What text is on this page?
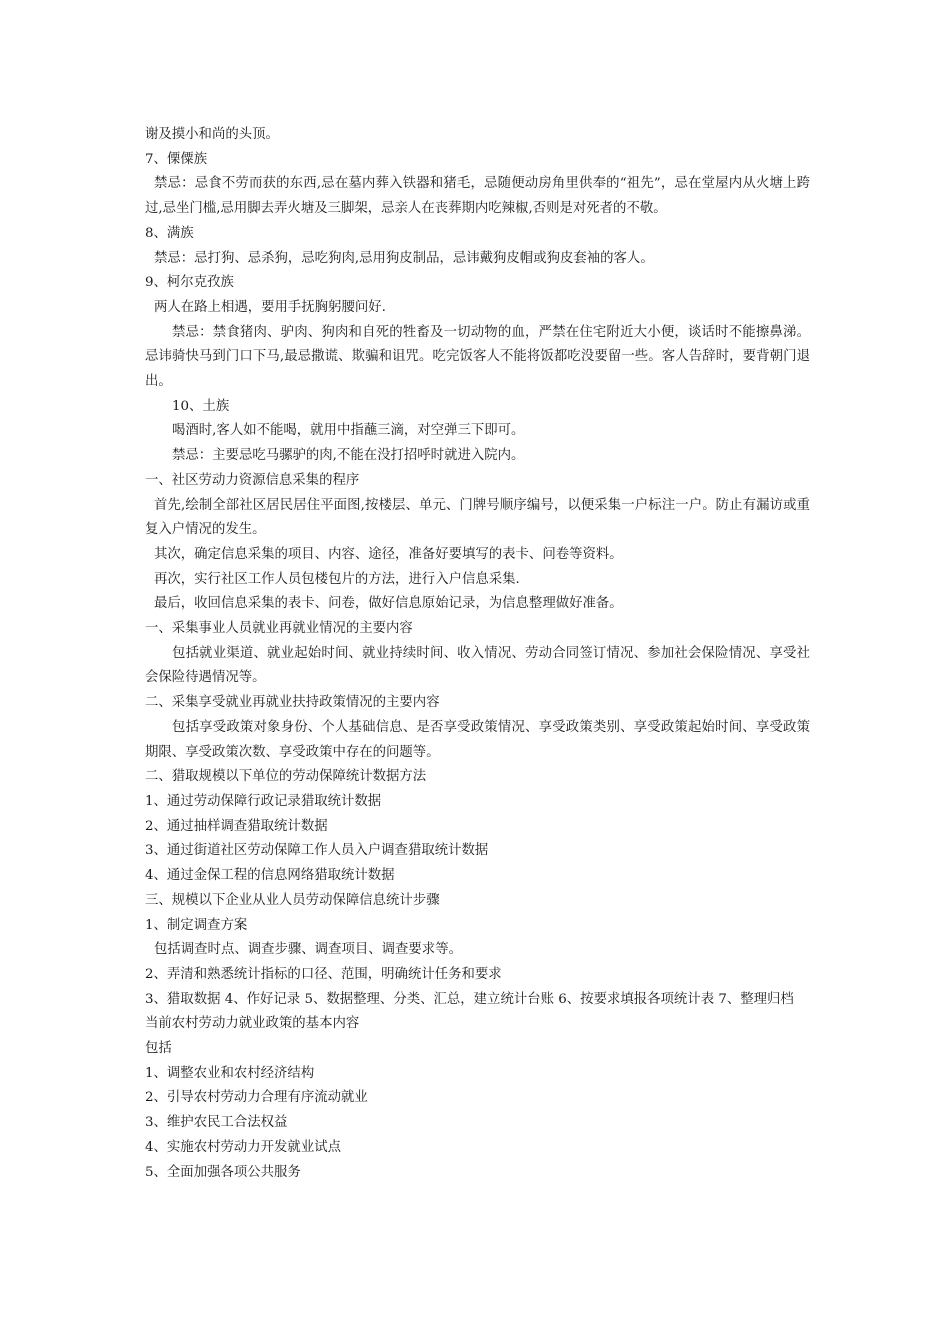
谢及摸小和尚的头顶。

7、傈僳族

禁忌：忌食不劳而获的东西,忌在墓内葬入铁器和猪毛，忌随便动房角里供奉的“祖先”，忌在堂屋内从火塘上跨过,忌坐门槛,忌用脚去弄火塘及三脚架，忌亲人在丧葬期内吃辣椒,否则是对死者的不敬。

8、满族

禁忌：忌打狗、忌杀狗，忌吃狗肉,忌用狗皮制品，忌讳戴狗皮帽或狗皮套袖的客人。

9、柯尔克孜族

两人在路上相遇，要用手抚胸躬腰问好.

禁忌：禁食猪肉、驴肉、狗肉和自死的牲畜及一切动物的血，严禁在住宅附近大小便，谈话时不能擦鼻涕。忌讳骑快马到门口下马,最忌撒谎、欺骗和诅咒。吃完饭客人不能将饭都吃没要留一些。客人告辞时，要背朝门退出。

10、土族

喝酒时,客人如不能喝，就用中指蘸三滴，对空弹三下即可。

禁忌：主要忌吃马骡驴的肉,不能在没打招呼时就进入院内。

一、社区劳动力资源信息采集的程序

首先,绘制全部社区居民居住平面图,按楼层、单元、门牌号顺序编号，以便采集一户标注一户。防止有漏访或重复入户情况的发生。

其次，确定信息采集的项目、内容、途径，准备好要填写的表卡、问卷等资料。

再次，实行社区工作人员包楼包片的方法，进行入户信息采集.

最后，收回信息采集的表卡、问卷，做好信息原始记录，为信息整理做好准备。

一、采集事业人员就业再就业情况的主要内容

包括就业渠道、就业起始时间、就业持续时间、收入情况、劳动合同签订情况、参加社会保险情况、享受社会保险待遇情况等。

二、采集享受就业再就业扶持政策情况的主要内容

包括享受政策对象身份、个人基础信息、是否享受政策情况、享受政策类别、享受政策起始时间、享受政策期限、享受政策次数、享受政策中存在的问题等。

二、猎取规模以下单位的劳动保障统计数据方法

1、通过劳动保障行政记录猎取统计数据

2、通过抽样调查猎取统计数据

3、通过街道社区劳动保障工作人员入户调查猎取统计数据

4、通过金保工程的信息网络猎取统计数据

三、规模以下企业从业人员劳动保障信息统计步骤

1、制定调查方案

包括调查时点、调查步骤、调查项目、调查要求等。

2、弄清和熟悉统计指标的口径、范围，明确统计任务和要求

3、猎取数据 4、作好记录 5、数据整理、分类、汇总，建立统计台账 6、按要求填报各项统计表 7、整理归档

当前农村劳动力就业政策的基本内容

包括

1、调整农业和农村经济结构

2、引导农村劳动力合理有序流动就业

3、维护农民工合法权益

4、实施农村劳动力开发就业试点

5、全面加强各项公共服务
